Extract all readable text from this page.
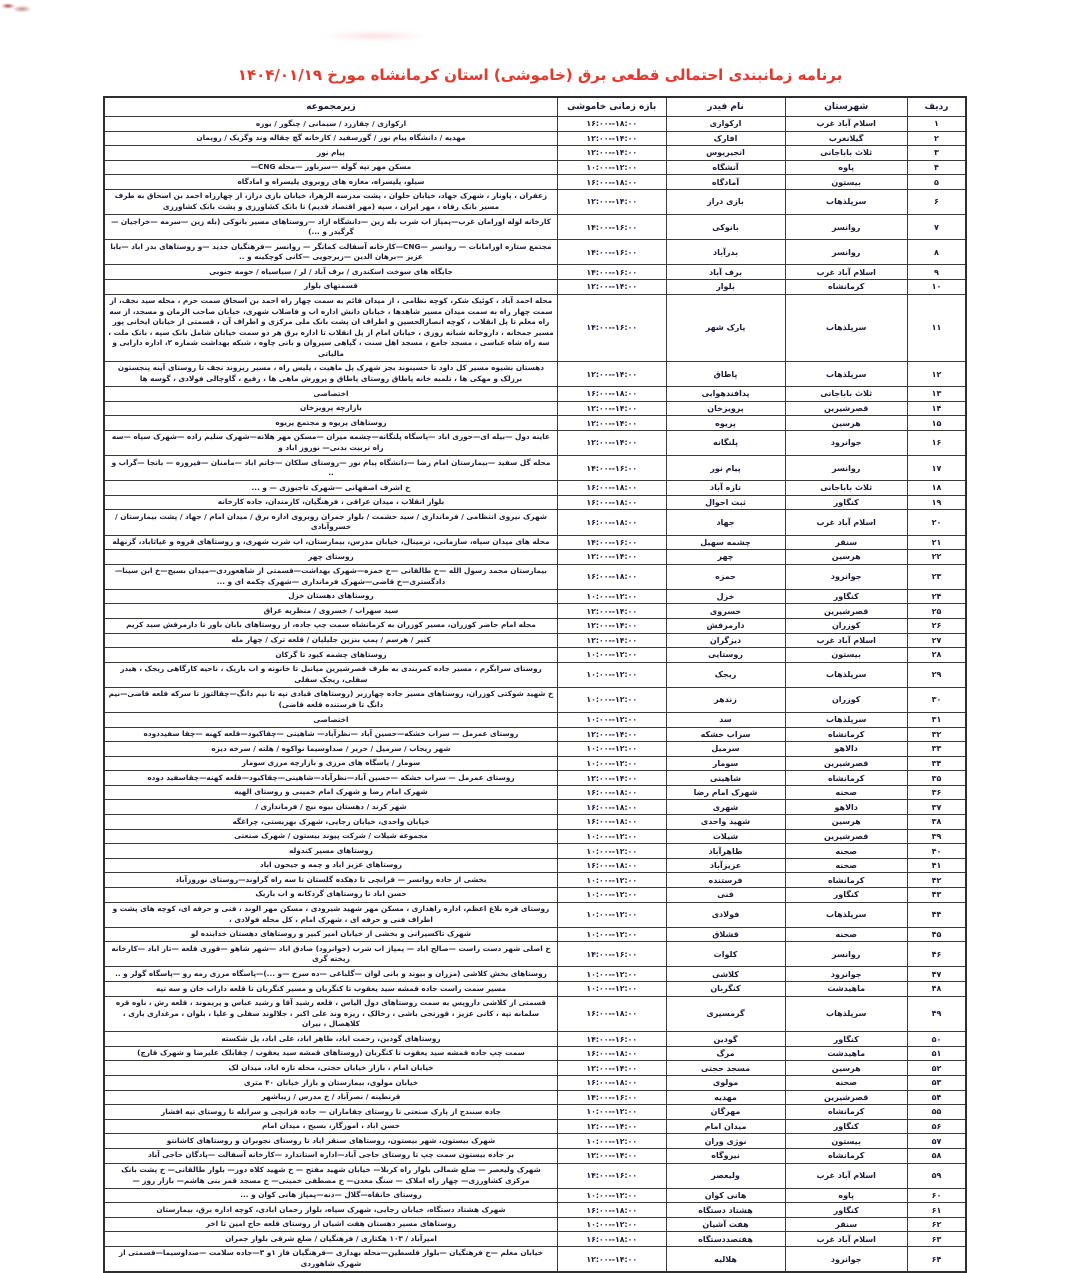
برنامه زمانبندی احتمالی قطعی برق (خاموشی) استان کرمانشاه مورخ ۱۴۰۴/۰۱/۱۹
ردیف	شهرستان	نام فیدر	بازه زمانی خاموشی	زیرمجموعه
۱	اسلام آباد غرب	ارکوازی	۱۶:۰۰--۱۸:۰۰	ارکوازی / چقازرد / سیمانی / چنگور / بوزه
۲	گیلانغرب	افارک	۱۲:۰۰--۱۴:۰۰	مهدیه / دانشگاه پیام نور / گورسفید / کارخانه گچ چقاله وند وگزیک / رویمان
۳	ثلاث باباجانی	انجیریوس	۱۲:۰۰--۱۴:۰۰	پیام نور
۴	پاوه	آتشگاه	۱۰:۰۰--۱۲:۰۰	مسکن مهر تپه گوله —سرباور —محله CNG—
۵	بیستون	آمادگاه	۱۶:۰۰--۱۸:۰۰	سیلو، پلیسراه، مغازه های روبروی پلیسراه و امادگاه
۶	سرپلذهاب	بازی دراز	۱۲:۰۰--۱۴:۰۰	زعفران ، پاونار ، شهرک جهاد، خیابان حلوان ، پشت مدرسه الزهرا، خیابان بازی دراز، از چهارراه احمد بن اسحاق به طرف مسیر بانک رفاه ، مهر ایران ، سپه (مهر اقتصاد قدیم) تا بانک کشاورزی و پشت بانک کشاورزی
۷	روانسر	بانوکی	۱۴:۰۰--۱۶:۰۰	کارخانه لوله اورامان غرب—پمپاژ اب شرب بله زین —دانشگاه ازاد —روستاهای مسیر بانوکی (بله زین —سرمه —خراجیان — گرگیدر و ...)
۸	روانسر	بدرآباد	۱۴:۰۰--۱۶:۰۰	مجتمع ستاره اورامانات — روانسر —CNG—کارخانه آسفالت کمانگر — روانسر —فرهنگیان جدید —و روستاهای بدر اباد —بابا عزیز —برهان الدین —زیرجویی —کانی کوچکینه و ..
۹	اسلام آباد غرب	برف آباد	۱۴:۰۰--۱۶:۰۰	جایگاه های سوخت اسکندری / برف آباد / لر / سیاسیاه / حومه جنوبی
۱۰	کرمانشاه	بلوار	۱۲:۰۰--۱۴:۰۰	قسمتهای بلوار
۱۱	سرپلذهاب	پارک شهر	۱۴:۰۰--۱۶:۰۰	محله احمد آباد ، کوئیک شکر، کوچه نظامی ، از میدان قائم به سمت چهار راه احمد بن اسحاق سمت حرم ، محله سید نجف، از سمت چهار راه به سمت میدان مسیر شاهدها ، خیابان دانش اداره اب و فاضلاب شهری، خیابان صاحب الزمان و مسجد، از سه راه معلم تا پل انقلاب ، کوچه انصارالحسین و اطراف ان پشت بانک ملی مرکزی و اطراف آن ، قسمتی از خیابان ایخانی پور مسیر جمخانه ، داروخانه شبانه روزی ، خیابان امام از پل انقلاب تا اداره برق هر دو سمت خیابان شامل بانک سپه ، بانک ملت ، سه راه شاه عباسی ، مسجد جامع ، مسجد اهل سنت ، گیاهی سیروان و بانی چاوه ، شبکه بهداشت شماره ۲، اداره دارایی و مالیاتی
۱۲	سرپلذهاب	پاطاق	۱۲:۰۰--۱۴:۰۰	دهستان بشیوه مسیر کل داود تا حسینوند بجز شهرک پل ماهیت ، پلیس راه ، مسیر ریزوند نجف تا روستای آینه پنجستون برزلک و مهکی ها ، تلمبه خانه پاطاق روستای پاطاق و پرورش ماهی ها ، رفیع ، گاوچالی فولادی ، گوسه ها
۱۳	ثلاث باباجانی	پدافندهوایی	۱۶:۰۰--۱۸:۰۰	اختصاصی
۱۴	قصرشیرین	پرویزخان	۱۲:۰۰--۱۴:۰۰	بازارچه پرویزخان
۱۵	هرسین	پریوه	۱۲:۰۰--۱۴:۰۰	روستاهای پریوه و مجتمع پریوه
۱۶	جوانرود	پلنگانه	۱۲:۰۰--۱۴:۰۰	عاینه دول —بیله ای—حوری اباد —پاسگاه پلنگانه—چشمه میران —مسکن مهر هلانه—شهرک سلیم زاده —شهرک سپاه —سه راه تربیت بدنی— نوروز اباد و
۱۷	روانسر	پیام نور	۱۴:۰۰--۱۶:۰۰	محله گل سفید —بیمارستان امام رضا —دانشگاه پیام نور —روستای سلکان —خانم اباد —مامنان —فیروزه — بانجا —گراب و ..
۱۸	ثلاث باباجانی	تازه آباد	۱۶:۰۰--۱۸:۰۰	خ اشرف اصفهانی —شهرک تاجبوزی — و ...
۱۹	کنگاور	ثبت احوال	۱۶:۰۰--۱۸:۰۰	بلوار انقلاب ، میدان عراقی ، فرهنگیان، کارمندان، جاده کارخانه
۲۰	اسلام آباد غرب	جهاد	۱۶:۰۰--۱۸:۰۰	شهرک نیروی انتظامی / فرمانداری / سید حشمت / بلوار جمران روبروی اداره برق / میدان امام / جهاد / پشت بیمارستان / خسروآبادی
۲۱	سنقر	چشمه سهیل	۱۴:۰۰--۱۶:۰۰	محله های میدان سپاه، سازمانی، ترمینال، خیابان مدرس، بیمارستان، اب شرب شهری، و روستاهای قروه و غیاثاباد، گزنهله
۲۲	هرسین	چهر	۱۲:۰۰--۱۴:۰۰	روستای چهر
۲۳	جوانرود	حمزه	۱۶:۰۰--۱۸:۰۰	بیمارستان محمد رسول الله —خ طالقانی —خ حمزه—شهرک بهداشت—قسمتی از شاهعوردی—میدان بسیج—خ ابن سینا—دادگستری—خ قاضی—شهرک فرمانداری —شهرک چکمه ای و ...
۲۴	کنگاور	خزل	۱۰:۰۰--۱۲:۰۰	روستاهای دهستان خزل
۲۵	قصرشیرین	خسروی	۱۲:۰۰--۱۴:۰۰	سید سهراب / خسروی / منظریه عراق
۲۶	کوزران	دارمرفش	۱۲:۰۰--۱۴:۰۰	محله امام حاضر کوزران، مسیر کوزران به کرمانشاه سمت چپ جاده، از روستاهای بابان باور تا دارمرفش سید کریم
۲۷	اسلام آباد غرب	دیزگران	۱۲:۰۰--۱۴:۰۰	کنیر / هرسم / پمپ بنزین جلیلیان / قلعه ترک / چهار مله
۲۸	بیستون	روستایی	۱۰:۰۰--۱۲:۰۰	روستاهای چشمه کبود تا گرکان
۲۹	سرپلذهاب	ریجک	۱۰:۰۰--۱۲:۰۰	روستای سرابگرم ، مسیر جاده کمربندی به طرف قصرشیرین میانبل تا خانونه و اب باریک ، ناحیه کارگاهی ریجک ، هیدر سفلی، ریجک سفلی
۳۰	کوزران	زندهر	۱۰:۰۰--۱۲:۰۰	خ شهید شوکتی کوزران، روستاهای مسیر جاده چهارزبر (روستاهای قبادی تپه تا نیم دانگ—چقالتوژ تا سرکه قلعه قاضی—نیم دانگ تا فرستنده قلعه قاضی)
۳۱	سرپلذهاب	سد	۱۰:۰۰--۱۲:۰۰	اختصاصی
۳۲	کرمانشاه	سراب خشکه	۱۲:۰۰--۱۴:۰۰	روستای عمرمل — سراب خشکه—حسین آباد —نظرآباد— شاهینی —چقاکبود—قلعه کهنه —چقا سفیددوده
۳۳	دالاهو	سرمیل	۱۰:۰۰--۱۲:۰۰	شهر ریجاب / سرمیل / حریر / صداوسیما نواکوه / هلته / سرخه دیزه
۳۴	قصرشیرین	سومار	۱۰:۰۰--۱۲:۰۰	سومار / پاسگاه های مرزی و بازارچه مرزی سومار
۳۵	کرمانشاه	شاهینی	۱۲:۰۰--۱۴:۰۰	روستای عمرمل — سراب خشکه —حسین آباد—نظرآباد—شاهینی—چقاکبود—قلعه کهنه—چقاسفید دوده
۳۶	صحنه	شهرک امام رضا	۱۶:۰۰--۱۸:۰۰	شهرک امام رضا و شهرک امام خمینی و روستای الهیه
۳۷	دالاهو	شهری	۱۶:۰۰--۱۸:۰۰	شهر کرند / دهستان بیوه نیج / فرمانداری /
۳۸	هرسین	شهید واحدی	۱۶:۰۰--۱۸:۰۰	خیابان واحدی، خیابان رجایی، شهرک بهزیستی، چراغگه
۳۹	قصرشیرین	شیلات	۱۰:۰۰--۱۲:۰۰	مجموعه شیلات / شرکت پیوند بیستون / شهرک صنعتی
۴۰	صحنه	طاهرآباد	۱۰:۰۰--۱۲:۰۰	روستاهای مسیر کندوله
۴۱	صحنه	عزیزآباد	۱۶:۰۰--۱۸:۰۰	روستاهای عزیز اباد و چمه و جیحون اباد
۴۲	کرمانشاه	فرستنده	۱۰:۰۰--۱۲:۰۰	بخشی از جاده روانسر — قرانچی تا دهکده گلستان تا سه راه گراوند—روستای نوروزآباد
۴۳	کنگاور	فنی	۱۰:۰۰--۱۲:۰۰	حسن اباد تا روستاهای گردکانه و اب باریک
۴۴	سرپلذهاب	فولادی	۱۰:۰۰--۱۲:۰۰	روستای قره بلاغ اعظم، اداره راهداری ، مسکن مهر شهید شیرودی ، مسکن مهر الوند ، فنی و حرفه ای، کوچه های پشت و اطراف فنی و حرفه ای ، شهرک امام ، کل محله فولادی ،
۴۵	صحنه	قشلاق	۱۰:۰۰--۱۲:۰۰	شهرک تاکسیرانی و بخشی از خیابان امیر کبیر و روستاهای دهستان خدابنده لو
۴۶	روانسر	کلوات	۱۴:۰۰--۱۶:۰۰	خ اصلی شهر دست راست —صالح اباد — پمپاژ اب شرب (جوانرود) صادق اباد —شهر شاهو —قوری قلعه —تاز اباد —کارخانه ریخته گری
۴۷	جوانرود	کلاشی	۱۰:۰۰--۱۲:۰۰	روستاهای بخش کلاشی (مزران و بیوند و بانی لوان —گلباغی —ده سرخ —و ...)—پاسگاه مرزی رمه رو —پاسگاه گولر و ..
۴۸	ماهیدشت	کنگربان	۱۰:۰۰--۱۲:۰۰	مسیر سمت راست جاده قمشه سید یعقوب تا کنگربان و مسیر کنگربان تا قلعه داراب خان و سه تپه
۴۹	سرپلذهاب	گرمسیری	۱۶:۰۰--۱۸:۰۰	قسمتی از کلاشی دارویس به سمت روستاهای دول الیاس ، قلعه رشید آقا و رشید عباس و پریموند ، قلعه رش ، ناوه قره سلمانه تپه ، کانی عزیز ، قورنجی باشی ، رخالک ، ریزه وند علی اکبر ، جلالوند سفلی و علیا ، بلوان ، مرغداری باری ، کلاهصال ، بیران
۵۰	کنگاور	گودین	۱۴:۰۰--۱۶:۰۰	روستاهای گودین، رحمت اباد، طاهر اباد، علی اباد، پل شکسته
۵۱	ماهیدشت	مرگ	۱۶:۰۰--۱۸:۰۰	سمت چپ جاده قمشه سید یعقوب تا کنگربان (روستاهای قمشه سید یعقوب / چقابلک علیرضا و شهرک قارچ)
۵۲	هرسین	مسجد حجتی	۱۲:۰۰--۱۴:۰۰	خیابان امام ، بازار خیابان حجتی، محله تازه اباد، میدان لک
۵۳	صحنه	مولوی	۱۶:۰۰--۱۸:۰۰	خیابان مولوی، بیمارستان و بازار خیابان ۴۰ متری
۵۴	قصرشیرین	مهدیه	۱۴:۰۰--۱۶:۰۰	قرنطینه / نصرآباد / خ مدرس / زیباشهر
۵۵	کرمانشاه	مهرگان	۱۰:۰۰--۱۲:۰۰	جاده سنندج از پارک صنعتی تا روستای چقاماران — جاده قزانچی و سرابله تا روستای تپه افشار
۵۶	کنگاور	میدان امام	۱۲:۰۰--۱۴:۰۰	حسن اباد ، اموزگار، بسیج ، میدان امام
۵۷	بیستون	نوژی وران	۱۰:۰۰--۱۲:۰۰	شهرک بیستون، شهر بیستون، روستاهای سنقر اباد تا روستای نجوبران و روستاهای کاشانتو
۵۸	کرمانشاه	نیروگاه	۱۲:۰۰--۱۴:۰۰	بر جاده بیستون سمت چپ تا روستای حاجی آباد—اداره استاندارد —کارخانه آسفالت —پادگان حاجی آباد
۵۹	اسلام آباد غرب	ولیعصر	۱۴:۰۰--۱۶:۰۰	شهرک ولیعصر — ضلع شمالی بلوار راه کربلا— خیابان شهید مفتح — خ شهید کلاه دوز— بلوار طالقانی— خ پشت بانک مرکزی کشاورزی— چهار راه املاک — سنگ معدن— خ مصطفی خمینی— خ مسجد قمر بنی هاشم— بازار روز —
۶۰	پاوه	هانی کوان	۱۰:۰۰--۱۲:۰۰	روستای خانقاه—گلال —دنه—پمپاژ هانی کوان و ...
۶۱	کنگاور	هشتاد دستگاه	۱۶:۰۰--۱۸:۰۰	شهرک هشتاد دستگاه، خیابان رجایی، شهرک سپاه، بلوار رحمان ابادی، کوچه اداره برق، بیمارستان
۶۲	سنقر	هفت آشیان	۱۰:۰۰--۱۲:۰۰	روستاهای مسیر دهستان هفت اشیان از روستای قلعه حاج امین تا اخر
۶۳	اسلام آباد غرب	هفتصددستگاه	۱۶:۰۰--۱۸:۰۰	امیرآباد / ۱۰۳ هکتاری / فرهنگیان / ضلع شرقی بلوار جمران
۶۴	جوانرود	هلالیه	۱۲:۰۰--۱۴:۰۰	خیابان معلم —خ فرهنگیان —بلوار فلسطین—محله بهداری —فرهنگیان فاز ۱و ۳—جاده سلامت —صداوسیما—قسمتی از شهرک شاهوردی
